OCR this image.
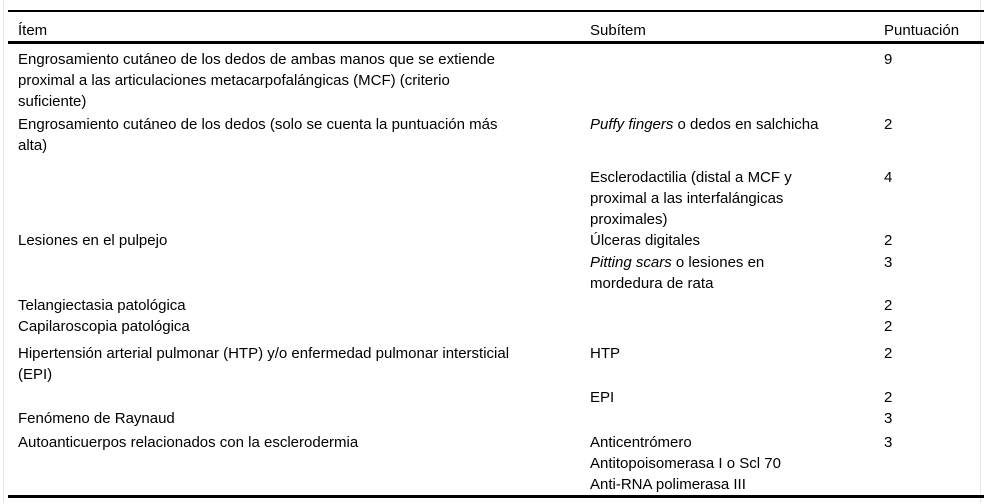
Ítem	Subítem	Puntuación

Engrosamiento cutáneo de los dedos de ambas manos que se extiende
proximal a las articulaciones metacarpofalángicas (MCF) (criterio
suficiente)		9

Engrosamiento cutáneo de los dedos (solo se cuenta la puntuación más
alta)	Puffy fingers o dedos en salchicha	2

	Esclerodactilia (distal a MCF y
proximal a las interfalángicas
proximales)	4

Lesiones en el pulpejo	Úlceras digitales	2

	Pitting scars o lesiones en
mordedura de rata	3

Telangiectasia patológica		2

Capilaroscopia patológica		2

Hipertensión arterial pulmonar (HTP) y/o enfermedad pulmonar intersticial
(EPI)	HTP	2

	EPI	2

Fenómeno de Raynaud		3

Autoanticuerpos relacionados con la esclerodermia	Anticentrómero
Antitopoisomerasa I o Scl 70
Anti-RNA polimerasa III	3
